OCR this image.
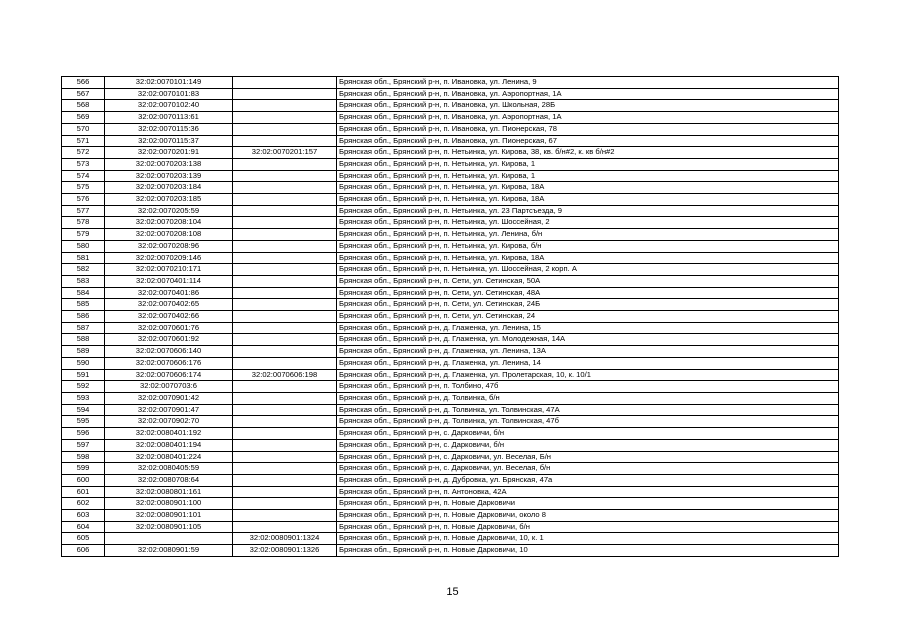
566	32:02:0070101:149		Брянская обл., Брянский р-н, п. Ивановка, ул. Ленина, 9
567	32:02:0070101:83		Брянская обл., Брянский р-н, п. Ивановка, ул. Аэропортная, 1А
568	32:02:0070102:40		Брянская обл., Брянский р-н, п. Ивановка, ул. Школьная, 28Б
569	32:02:0070113:61		Брянская обл., Брянский р-н, п. Ивановка, ул. Аэропортная, 1А
570	32:02:0070115:36		Брянская обл., Брянский р-н, п. Ивановка, ул. Пионерская, 78
571	32:02:0070115:37		Брянская обл., Брянский р-н, п. Ивановка, ул. Пионерская, 67
572	32:02:0070201:91	32:02:0070201:157	Брянская обл., Брянский р-н, п. Нетьинка, ул. Кирова, 38, кв. б/н#2, к. кв б/н#2
573	32:02:0070203:138		Брянская обл., Брянский р-н, п. Нетьинка, ул. Кирова, 1
574	32:02:0070203:139		Брянская обл., Брянский р-н, п. Нетьинка, ул. Кирова, 1
575	32:02:0070203:184		Брянская обл., Брянский р-н, п. Нетьинка, ул. Кирова, 18А
576	32:02:0070203:185		Брянская обл., Брянский р-н, п. Нетьинка, ул. Кирова, 18А
577	32:02:0070205:59		Брянская обл., Брянский р-н, п. Нетьинка, ул. 23 Партсъезда, 9
578	32:02:0070208:104		Брянская обл., Брянский р-н, п. Нетьинка, ул. Шоссейная, 2
579	32:02:0070208:108		Брянская обл., Брянский р-н, п. Нетьинка, ул. Ленина, б/н
580	32:02:0070208:96		Брянская обл., Брянский р-н, п. Нетьинка, ул. Кирова, б/н
581	32:02:0070209:146		Брянская обл., Брянский р-н, п. Нетьинка, ул. Кирова, 18А
582	32:02:0070210:171		Брянская обл., Брянский р-н, п. Нетьинка, ул. Шоссейная, 2 корп. А
583	32:02:0070401:114		Брянская обл., Брянский р-н, п. Сети, ул. Сетинская, 50А
584	32:02:0070401:86		Брянская обл., Брянский р-н, п. Сети, ул. Сетинская, 48А
585	32:02:0070402:65		Брянская обл., Брянский р-н, п. Сети, ул. Сетинская, 24Б
586	32:02:0070402:66		Брянская обл., Брянский р-н, п. Сети, ул. Сетинская, 24
587	32:02:0070601:76		Брянская обл., Брянский р-н, д. Глаженка, ул. Ленина, 15
588	32:02:0070601:92		Брянская обл., Брянский р-н, д. Глаженка, ул. Молодежная, 14А
589	32:02:0070606:140		Брянская обл., Брянский р-н, д. Глаженка, ул. Ленина, 13А
590	32:02:0070606:176		Брянская обл., Брянский р-н, д. Глаженка, ул. Ленина, 14
591	32:02:0070606:174	32:02:0070606:198	Брянская обл., Брянский р-н, д. Глаженка, ул. Пролетарская, 10, к. 10/1
592	32:02:0070703:6		Брянская обл., Брянский р-н, п. Толбино, 47б
593	32:02:0070901:42		Брянская обл., Брянский р-н, д. Толвинка, б/н
594	32:02:0070901:47		Брянская обл., Брянский р-н, д. Толвинка, ул. Толвинская, 47А
595	32:02:0070902:70		Брянская обл., Брянский р-н, д. Толвинка, ул. Толвинская, 47б
596	32:02:0080401:192		Брянская обл., Брянский р-н, с. Дарковичи, б/н
597	32:02:0080401:194		Брянская обл., Брянский р-н, с. Дарковичи, б/н
598	32:02:0080401:224		Брянская обл., Брянский р-н, с. Дарковичи, ул. Веселая, Б/н
599	32:02:0080405:59		Брянская обл., Брянский р-н, с. Дарковичи, ул. Веселая, б/н
600	32:02:0080708:64		Брянская обл., Брянский р-н, д. Дубровка, ул. Брянская, 47а
601	32:02:0080801:161		Брянская обл., Брянский р-н, п. Антоновка, 42А
602	32:02:0080901:100		Брянская обл., Брянский р-н, п. Новые Дарковичи
603	32:02:0080901:101		Брянская обл., Брянский р-н, п. Новые Дарковичи, около 8
604	32:02:0080901:105		Брянская обл., Брянский р-н, п. Новые Дарковичи, б/н
605		32:02:0080901:1324	Брянская обл., Брянский р-н, п. Новые Дарковичи, 10, к. 1
606	32:02:0080901:59	32:02:0080901:1326	Брянская обл., Брянский р-н, п. Новые Дарковичи, 10
15
